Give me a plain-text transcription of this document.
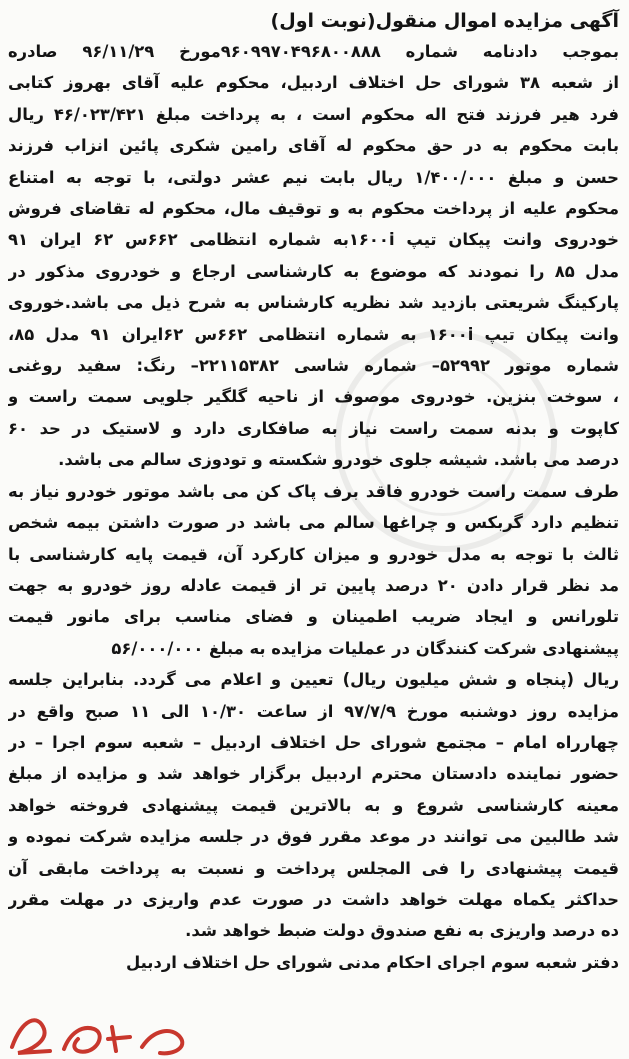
آگهی مزایده اموال منقول(نوبت اول)

بموجب دادنامه شماره ۹۶۰۹۹۷۰۴۹۶۸۰۰۸۸۸مورخ ۹۶/۱۱/۲۹ صادره

از شعبه ۳۸ شورای حل اختلاف اردبیل، محکوم علیه آقای بهروز کتابی

فرد هیر فرزند فتح اله محکوم است ، به پرداخت مبلغ ۴۶/۰۲۳/۴۲۱ ریال

بابت محکوم به در حق محکوم له آقای رامین شکری پائین انزاب فرزند

حسن و مبلغ ۱/۴۰۰/۰۰۰ ریال بابت نیم عشر دولتی، با توجه به امتناع

محکوم علیه از پرداخت محکوم به و توقیف مال، محکوم له تقاضای فروش

خودروی وانت پیکان تیپ ۱۶۰۰iبه شماره انتظامی ۶۶۲س ۶۲ ایران ۹۱

مدل ۸۵ را نمودند که موضوع به کارشناسی ارجاع و خودروی مذکور در

پارکینگ شریعتی بازدید شد نظریه کارشناس به شرح ذیل می باشد.خوروی

وانت پیکان تیپ ۱۶۰۰i به شماره انتظامی ۶۶۲س ۶۲ایران ۹۱ مدل ۸۵،

شماره موتور ۵۲۹۹۲– شماره شاسی ۲۲۱۱۵۳۸۲– رنگ: سفید روغنی

، سوخت بنزین. خودروی موصوف از ناحیه گلگیر جلویی سمت راست و

کاپوت و بدنه سمت راست نیاز به صافکاری دارد و لاستیک در حد ۶۰

درصد می باشد. شیشه جلوی خودرو شکسته و تودوزی سالم می باشد.

طرف سمت راست خودرو فاقد برف پاک کن می باشد موتور خودرو نیاز به

تنظیم دارد گربکس و چراغها سالم می باشد در صورت داشتن بیمه شخص

ثالث با توجه به مدل خودرو و میزان کارکرد آن، قیمت پایه کارشناسی با

مد نظر قرار دادن ۲۰ درصد پایین تر از قیمت عادله روز خودرو به جهت

تلورانس و ایجاد ضریب اطمینان و فضای مناسب برای مانور قیمت

پیشنهادی شرکت کنندگان در عملیات مزایده به مبلغ ۵۶/۰۰۰/۰۰۰

ریال (پنجاه و شش میلیون ریال) تعیین و اعلام می گردد. بنابراین جلسه

مزایده روز دوشنبه مورخ ۹۷/۷/۹ از ساعت ۱۰/۳۰ الی ۱۱ صبح واقع در

چهارراه امام – مجتمع شورای حل اختلاف اردبیل – شعبه سوم اجرا – در

حضور نماینده دادستان محترم اردبیل برگزار خواهد شد و مزایده از مبلغ

معینه کارشناسی شروع و به بالاترین قیمت پیشنهادی فروخته خواهد

شد طالبین می توانند در موعد مقرر فوق در جلسه مزایده شرکت نموده و

قیمت پیشنهادی را فی المجلس پرداخت و نسبت به پرداخت مابقی آن

حداکثر یکماه مهلت خواهد داشت در صورت عدم واریزی در مهلت مقرر

ده درصد واریزی به نفع صندوق دولت ضبط خواهد شد.

دفتر شعبه سوم اجرای احکام مدنی شورای حل اختلاف اردبیل
